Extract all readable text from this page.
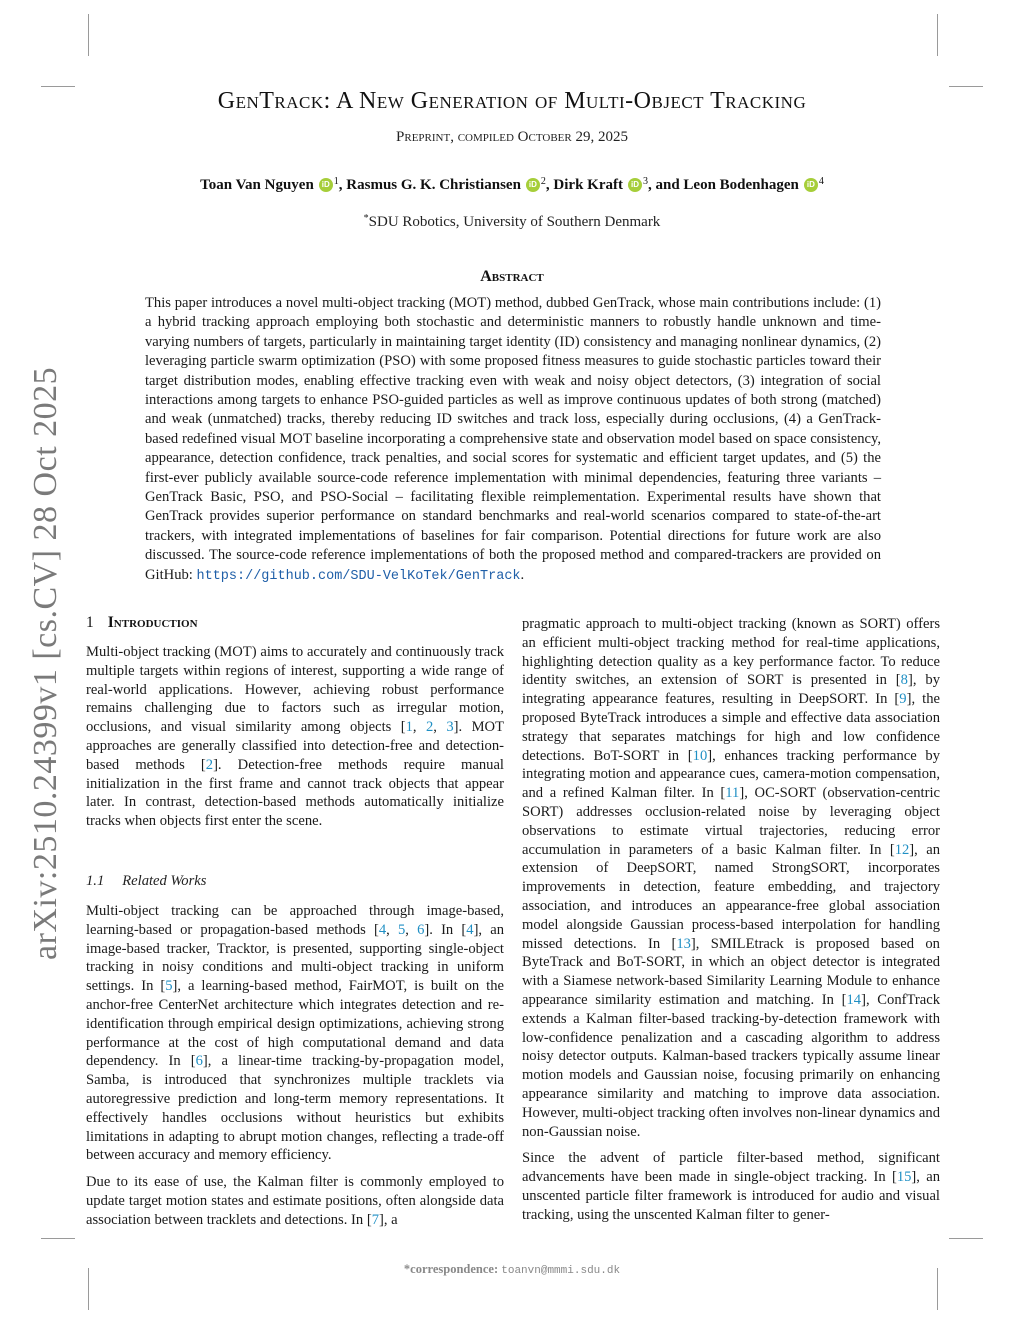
arXiv:2510.24399v1 [cs.CV] 28 Oct 2025
GenTrack: A New Generation of Multi-Object Tracking
Preprint, compiled October 29, 2025
Toan Van Nguyen iD $^1$, Rasmus G. K. Christiansen iD $^2$, Dirk Kraft iD $^3$, and Leon Bodenhagen iD $^4$
*SDU Robotics, University of Southern Denmark
Abstract
This paper introduces a novel multi-object tracking (MOT) method, dubbed GenTrack, whose main contributions include: (1) a hybrid tracking approach employing both stochastic and deterministic manners to robustly handle unknown and time-varying numbers of targets, particularly in maintaining target identity (ID) consistency and managing nonlinear dynamics, (2) leveraging particle swarm optimization (PSO) with some proposed fitness measures to guide stochastic particles toward their target distribution modes, enabling effective tracking even with weak and noisy object detectors, (3) integration of social interactions among targets to enhance PSO-guided particles as well as improve continuous updates of both strong (matched) and weak (unmatched) tracks, thereby reducing ID switches and track loss, especially during occlusions, (4) a GenTrack-based redefined visual MOT baseline incorporating a comprehensive state and observation model based on space consistency, appearance, detection confidence, track penalties, and social scores for systematic and efficient target updates, and (5) the first-ever publicly available source-code reference implementation with minimal dependencies, featuring three variants – GenTrack Basic, PSO, and PSO-Social – facilitating flexible reimplementation. Experimental results have shown that GenTrack provides superior performance on standard benchmarks and real-world scenarios compared to state-of-the-art trackers, with integrated implementations of baselines for fair comparison. Potential directions for future work are also discussed. The source-code reference implementations of both the proposed method and compared-trackers are provided on GitHub: https://github.com/SDU-VelKoTek/GenTrack.
1 Introduction

Multi-object tracking (MOT) aims to accurately and continuously track multiple targets within regions of interest, supporting a wide range of real-world applications. However, achieving robust performance remains challenging due to factors such as irregular motion, occlusions, and visual similarity among objects [1, 2, 3]. MOT approaches are generally classified into detection-free and detection-based methods [2]. Detection-free methods require manual initialization in the first frame and cannot track objects that appear later. In contrast, detection-based methods automatically initialize tracks when objects first enter the scene.

1.1 Related Works

Multi-object tracking can be approached through image-based, learning-based or propagation-based methods [4, 5, 6]. In [4], an image-based tracker, Tracktor, is presented, supporting single-object tracking in noisy conditions and multi-object tracking in uniform settings. In [5], a learning-based method, FairMOT, is built on the anchor-free CenterNet architecture which integrates detection and re-identification through empirical design optimizations, achieving strong performance at the cost of high computational demand and data dependency. In [6], a linear-time tracking-by-propagation model, Samba, is introduced that synchronizes multiple tracklets via autoregressive prediction and long-term memory representations. It effectively handles occlusions without heuristics but exhibits limitations in adapting to abrupt motion changes, reflecting a trade-off between accuracy and memory efficiency.

Due to its ease of use, the Kalman filter is commonly employed to update target motion states and estimate positions, often alongside data association between tracklets and detections. In [7], a

pragmatic approach to multi-object tracking (known as SORT) offers an efficient multi-object tracking method for real-time applications, highlighting detection quality as a key performance factor. To reduce identity switches, an extension of SORT is presented in [8], by integrating appearance features, resulting in DeepSORT. In [9], the proposed ByteTrack introduces a simple and effective data association strategy that separates matchings for high and low confidence detections. BoT-SORT in [10], enhances tracking performance by integrating motion and appearance cues, camera-motion compensation, and a refined Kalman filter. In [11], OC-SORT (observation-centric SORT) addresses occlusion-related noise by leveraging object observations to estimate virtual trajectories, reducing error accumulation in parameters of a basic Kalman filter. In [12], an extension of DeepSORT, named StrongSORT, incorporates improvements in detection, feature embedding, and trajectory association, and introduces an appearance-free global association model alongside Gaussian process-based interpolation for handling missed detections. In [13], SMILEtrack is proposed based on ByteTrack and BoT-SORT, in which an object detector is integrated with a Siamese network-based Similarity Learning Module to enhance appearance similarity estimation and matching. In [14], ConfTrack extends a Kalman filter-based tracking-by-detection framework with low-confidence penalization and a cascading algorithm to address noisy detector outputs. Kalman-based trackers typically assume linear motion models and Gaussian noise, focusing primarily on enhancing appearance similarity and matching to improve data association. However, multi-object tracking often involves non-linear dynamics and non-Gaussian noise.

Since the advent of particle filter-based method, significant advancements have been made in single-object tracking. In [15], an unscented particle filter framework is introduced for audio and visual tracking, using the unscented Kalman filter to gener-

*correspondence: toanvn@mmmi.sdu.dk
